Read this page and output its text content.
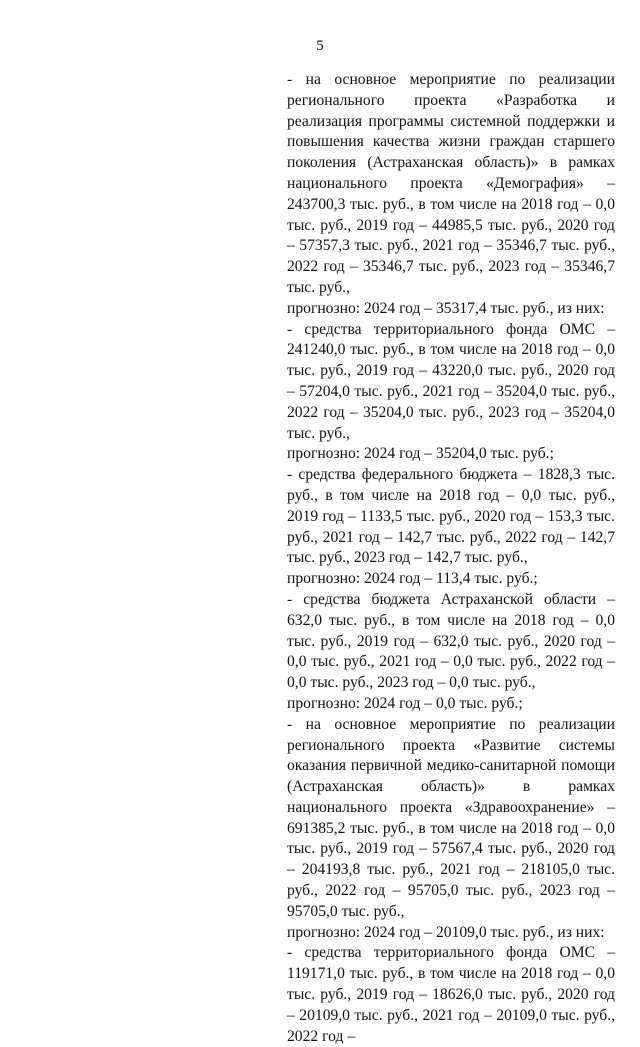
5

- на основное мероприятие по реализации регионального проекта «Разработка и реализация программы системной поддержки и повышения качества жизни граждан старшего поколения (Астраханская область)» в рамках национального проекта «Демография» – 243700,3 тыс. руб., в том числе на 2018 год – 0,0 тыс. руб., 2019 год – 44985,5 тыс. руб., 2020 год – 57357,3 тыс. руб., 2021 год – 35346,7 тыс. руб., 2022 год – 35346,7 тыс. руб., 2023 год – 35346,7 тыс. руб.,

прогнозно: 2024 год – 35317,4 тыс. руб., из них:

- средства территориального фонда ОМС – 241240,0 тыс. руб., в том числе на 2018 год – 0,0 тыс. руб., 2019 год – 43220,0 тыс. руб., 2020 год – 57204,0 тыс. руб., 2021 год – 35204,0 тыс. руб., 2022 год – 35204,0 тыс. руб., 2023 год – 35204,0 тыс. руб.,

прогнозно: 2024 год – 35204,0 тыс. руб.;

- средства федерального бюджета – 1828,3 тыс. руб., в том числе на 2018 год – 0,0 тыс. руб., 2019 год – 1133,5 тыс. руб., 2020 год – 153,3 тыс. руб., 2021 год – 142,7 тыс. руб., 2022 год – 142,7 тыс. руб., 2023 год – 142,7 тыс. руб.,

прогнозно: 2024 год – 113,4 тыс. руб.;

- средства бюджета Астраханской области – 632,0 тыс. руб., в том числе на 2018 год – 0,0 тыс. руб., 2019 год – 632,0 тыс. руб., 2020 год – 0,0 тыс. руб., 2021 год – 0,0 тыс. руб., 2022 год – 0,0 тыс. руб., 2023 год – 0,0 тыс. руб.,

прогнозно: 2024 год – 0,0 тыс. руб.;

- на основное мероприятие по реализации регионального проекта «Развитие системы оказания первичной медико-санитарной помощи (Астраханская область)» в рамках национального проекта «Здравоохранение» – 691385,2 тыс. руб., в том числе на 2018 год – 0,0 тыс. руб., 2019 год – 57567,4 тыс. руб., 2020 год – 204193,8 тыс. руб., 2021 год – 218105,0 тыс. руб., 2022 год – 95705,0 тыс. руб., 2023 год – 95705,0 тыс. руб.,

прогнозно: 2024 год – 20109,0 тыс. руб., из них:

- средства территориального фонда ОМС – 119171,0 тыс. руб., в том числе на 2018 год – 0,0 тыс. руб., 2019 год – 18626,0 тыс. руб., 2020 год – 20109,0 тыс. руб., 2021 год – 20109,0 тыс. руб., 2022 год –
